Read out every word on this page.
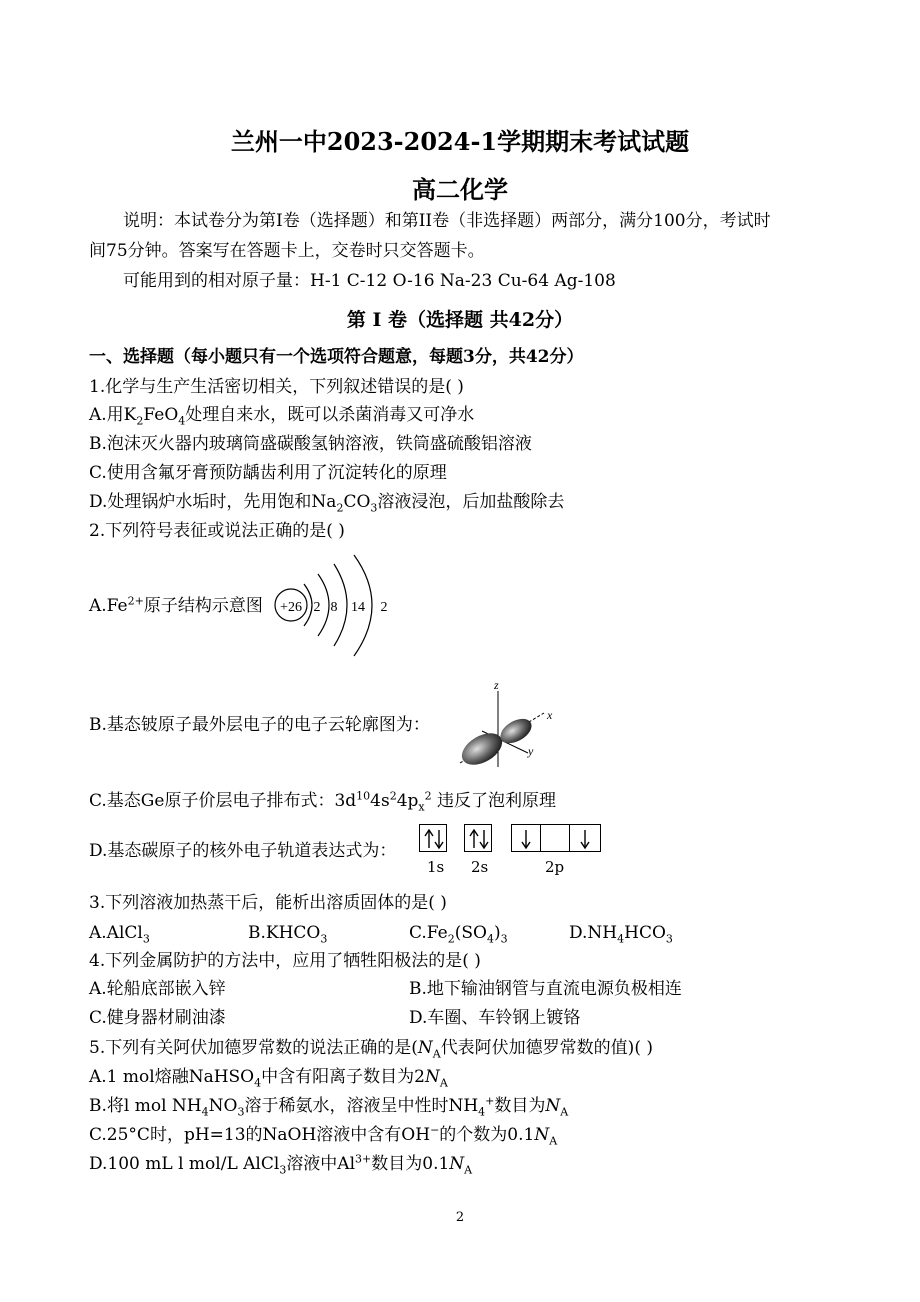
兰州一中2023-2024-1学期期末考试试题
高二化学
说明：本试卷分为第I卷（选择题）和第II卷（非选择题）两部分，满分100分，考试时
间75分钟。答案写在答题卡上，交卷时只交答题卡。
可能用到的相对原子量：H-1 C-12 O-16 Na-23 Cu-64 Ag-108
第 I 卷（选择题 共42分）
一、选择题（每小题只有一个选项符合题意，每题3分，共42分）
1.化学与生产生活密切相关，下列叙述错误的是( )
A.用$K_2FeO_4$处理自来水，既可以杀菌消毒又可净水
B.泡沫灭火器内玻璃筒盛碳酸氢钠溶液，铁筒盛硫酸铝溶液
C.使用含氟牙膏预防龋齿利用了沉淀转化的原理
D.处理锅炉水垢时，先用饱和$Na_2CO_3$溶液浸泡，后加盐酸除去
2.下列符号表征或说法正确的是( )
$A.Fe^{2+}$原子结构示意图 +26 2 8 14 2
B.基态铍原子最外层电子的电子云轮廓图为：
z
x
y
C.基态Ge原子价层电子排布式：$3d^{10}4s^24p_x^2$ 违反了泡利原理
D.基态碳原子的核外电子轨道表达式为：
1s 2s	2p
3.下列溶液加热蒸干后，能析出溶质固体的是( )
A.AlCl$_3$	$B.KHCO_3$	$C.Fe_2(SO_4)_3$	$D.NH_4HCO_3$
4.下列金属防护的方法中，应用了牺牲阳极法的是( )
A.轮船底部嵌入锌	B.地下输油钢管与直流电源负极相连
C.健身器材刷油漆	D.车圈、车铃钢上镀铬
5.下列有关阿伏加德罗常数的说法正确的是($N_A$代表阿伏加德罗常数的值)( )
A.1 mol熔融NaHSO$_4$中含有阳离子数目为$2N_A$
B.将l mol $NH_4NO_3$溶于稀氨水，溶液呈中性时$NH_4^+$数目为$N_A$
C.25°C时，pH=13的NaOH溶液中含有OH−的个数为$0.1N_A$
D.100 mL l mol/L AlCl$_3$溶液中$Al^{3+}$数目为$0.1N_A$
2
